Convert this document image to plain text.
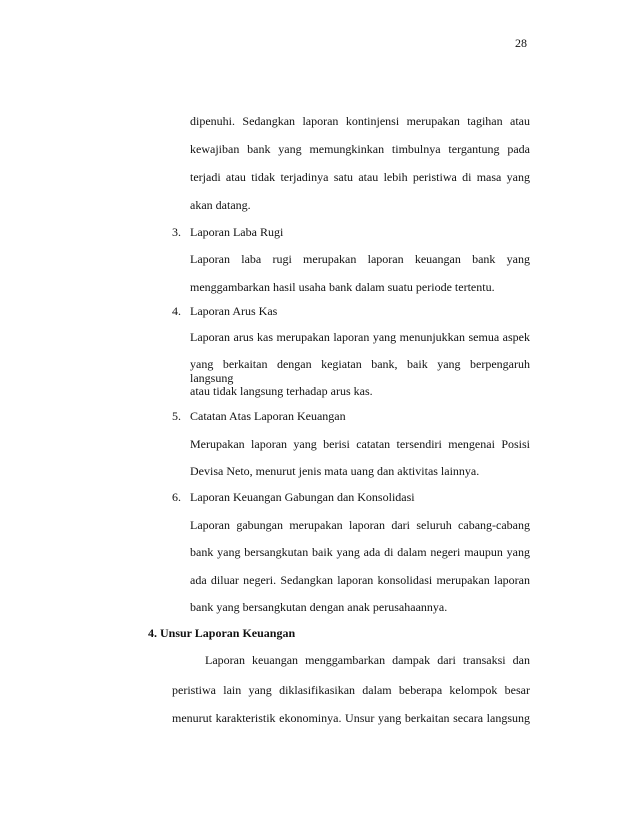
28
dipenuhi. Sedangkan laporan kontinjensi merupakan tagihan atau
kewajiban bank yang memungkinkan timbulnya tergantung pada
terjadi atau tidak terjadinya satu atau lebih peristiwa di masa yang
akan datang.
3. Laporan Laba Rugi
Laporan laba rugi merupakan laporan keuangan bank yang
menggambarkan hasil usaha bank dalam suatu periode tertentu.
4. Laporan Arus Kas
Laporan arus kas merupakan laporan yang menunjukkan semua aspek
yang berkaitan dengan kegiatan bank, baik yang berpengaruh langsung
atau tidak langsung terhadap arus kas.
5. Catatan Atas Laporan Keuangan
Merupakan laporan yang berisi catatan tersendiri mengenai Posisi
Devisa Neto, menurut jenis mata uang dan aktivitas lainnya.
6. Laporan Keuangan Gabungan dan Konsolidasi
Laporan gabungan merupakan laporan dari seluruh cabang-cabang
bank yang bersangkutan baik yang ada di dalam negeri maupun yang
ada diluar negeri. Sedangkan laporan konsolidasi merupakan laporan
bank yang bersangkutan dengan anak perusahaannya.
4. Unsur Laporan Keuangan
Laporan keuangan menggambarkan dampak dari transaksi dan
peristiwa lain yang diklasifikasikan dalam beberapa kelompok besar
menurut karakteristik ekonominya. Unsur yang berkaitan secara langsung
